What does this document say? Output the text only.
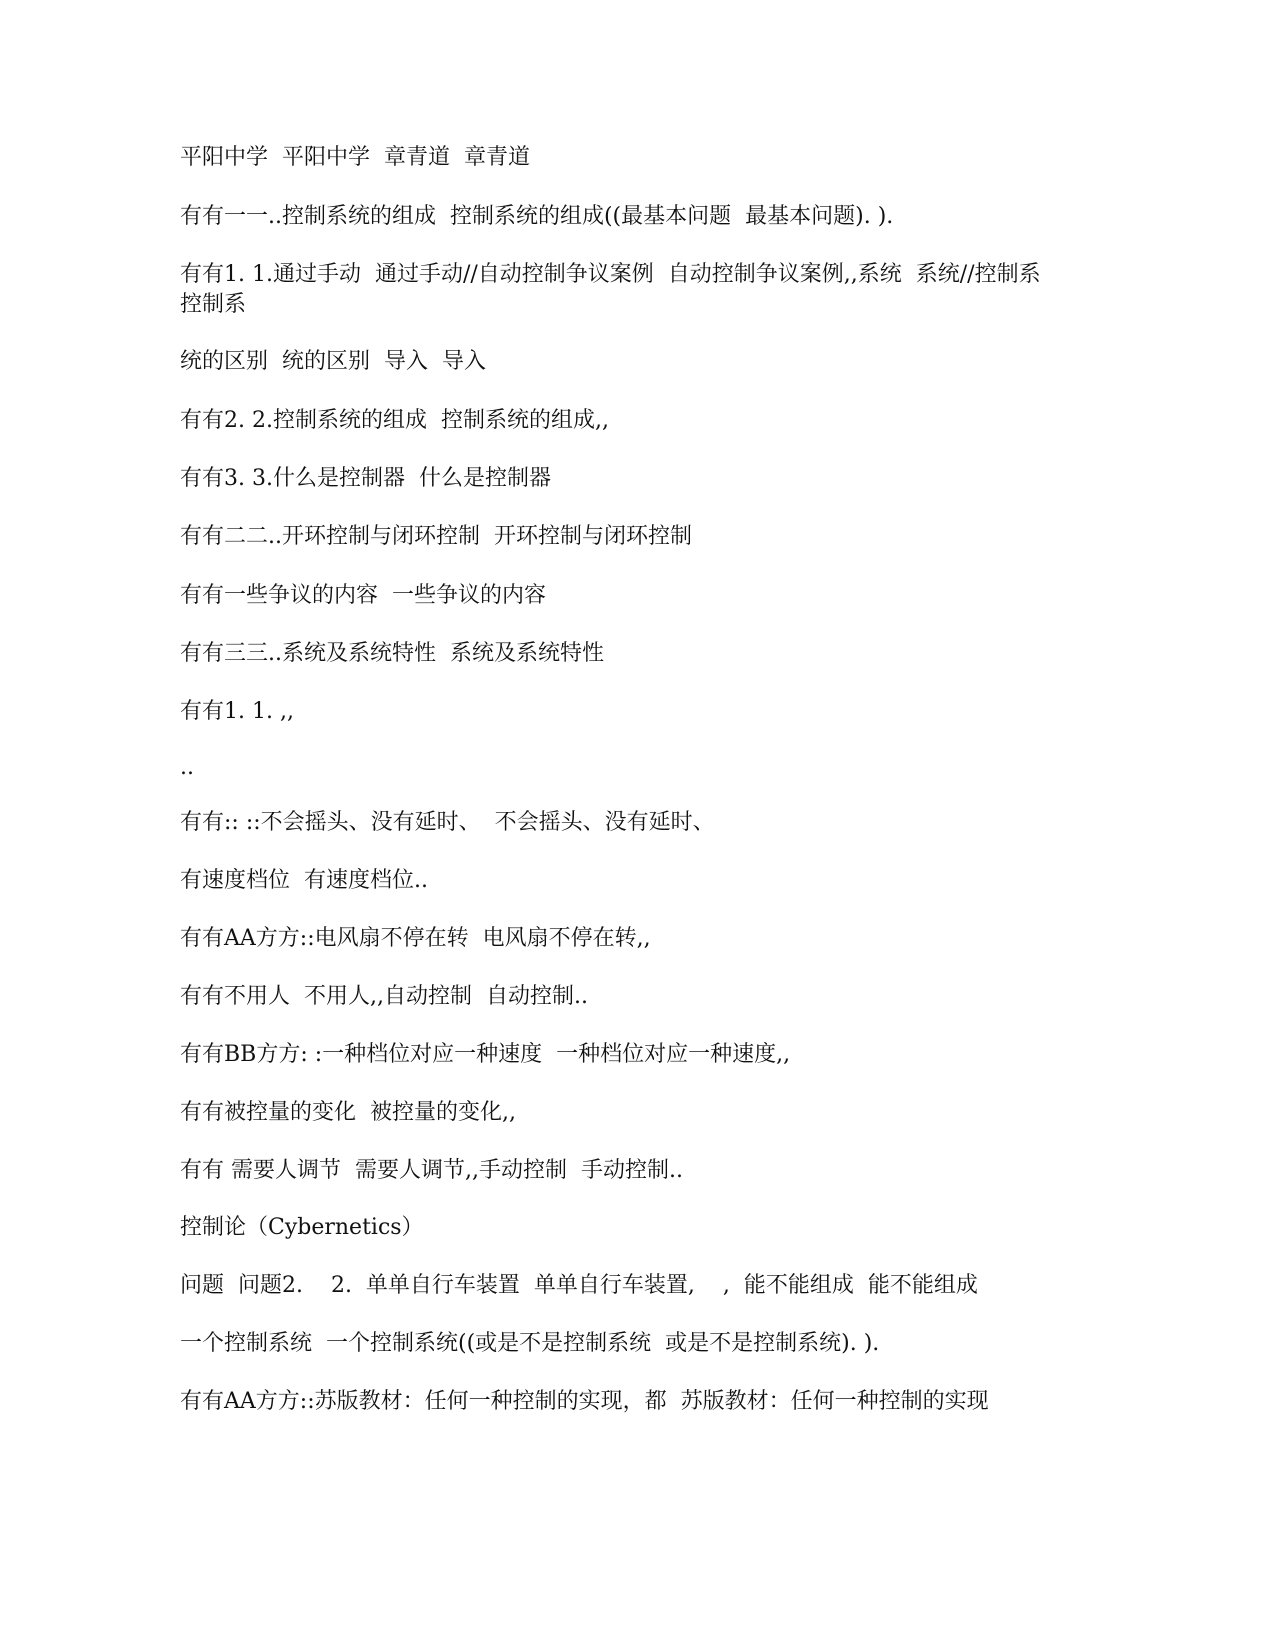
平阳中学  平阳中学  章青道  章青道
有有一一..控制系统的组成  控制系统的组成((最基本问题  最基本问题). ).
有有1. 1.通过手动  通过手动//自动控制争议案例  自动控制争议案例,,系统  系统//控制系  控制系
统的区别  统的区别  导入  导入
有有2. 2.控制系统的组成  控制系统的组成,,
有有3. 3.什么是控制器  什么是控制器
有有二二..开环控制与闭环控制  开环控制与闭环控制
有有一些争议的内容  一些争议的内容
有有三三..系统及系统特性  系统及系统特性
有有1. 1. ,,
..
有有:: ::不会摇头、没有延时、  不会摇头、没有延时、
有速度档位  有速度档位..
有有AA方方::电风扇不停在转  电风扇不停在转,,
有有不用人  不用人,,自动控制  自动控制..
有有BB方方: :一种档位对应一种速度  一种档位对应一种速度,,
有有被控量的变化  被控量的变化,,
有有 需要人调节  需要人调节,,手动控制  手动控制..
控制论（Cybernetics）
问题  问题2.    2.  单单自行车装置  单单自行车装置,    ,  能不能组成  能不能组成
一个控制系统  一个控制系统((或是不是控制系统  或是不是控制系统). ).
有有AA方方::苏版教材：任何一种控制的实现，都  苏版教材：任何一种控制的实现
